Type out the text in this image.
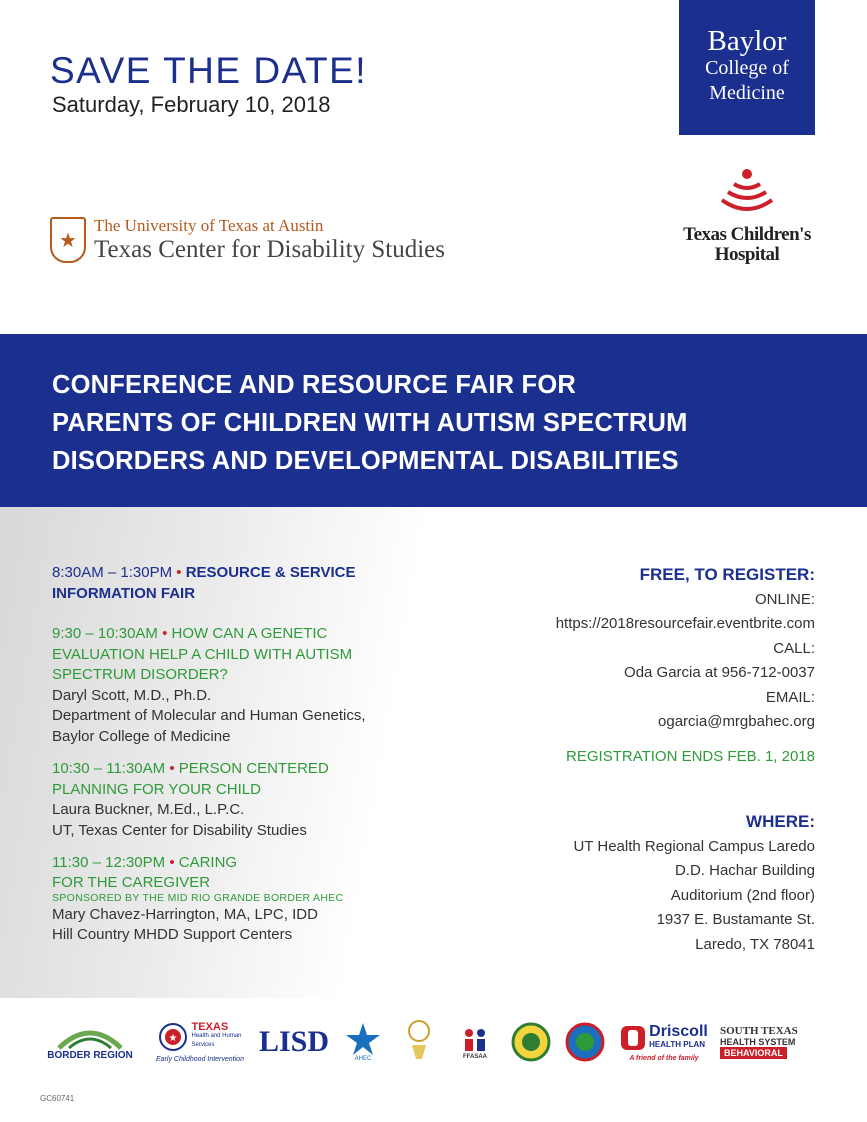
SAVE THE DATE!
Saturday, February 10, 2018
Baylor
College of
Medicine
★
The University of Texas at Austin
Texas Center for Disability Studies
Texas Children's
Hospital
CONFERENCE AND RESOURCE FAIR FOR
PARENTS OF CHILDREN WITH AUTISM SPECTRUM
DISORDERS AND DEVELOPMENTAL DISABILITIES
8:30AM – 1:30PM • RESOURCE & SERVICE
INFORMATION FAIR
9:30 – 10:30AM • HOW CAN A GENETIC
EVALUATION HELP A CHILD WITH AUTISM
SPECTRUM DISORDER?
Daryl Scott, M.D., Ph.D.
Department of Molecular and Human Genetics,
Baylor College of Medicine
10:30 – 11:30AM • PERSON CENTERED
PLANNING FOR YOUR CHILD
Laura Buckner, M.Ed., L.P.C.
UT, Texas Center for Disability Studies
11:30 – 12:30PM • CARING
FOR THE CAREGIVER
SPONSORED BY THE MID RIO GRANDE BORDER AHEC
Mary Chavez-Harrington, MA, LPC, IDD
Hill Country MHDD Support Centers
FREE, TO REGISTER:
ONLINE:
https://2018resourcefair.eventbrite.com
CALL:
Oda Garcia at 956-712-0037
EMAIL:
ogarcia@mrgbahec.org
REGISTRATION ENDS FEB. 1, 2018
WHERE:
UT Health Regional Campus Laredo
D.D. Hachar Building
Auditorium (2nd floor)
1937 E. Bustamante St.
Laredo, TX 78041
BORDER REGION
★
TEXAS
Health and Human
Services
Early Childhood Intervention
LISD
AHEC	FFASAA
Driscoll
HEALTH PLAN
A friend of the family
SOUTH TEXAS
HEALTH SYSTEM
BEHAVIORAL
GC60741
